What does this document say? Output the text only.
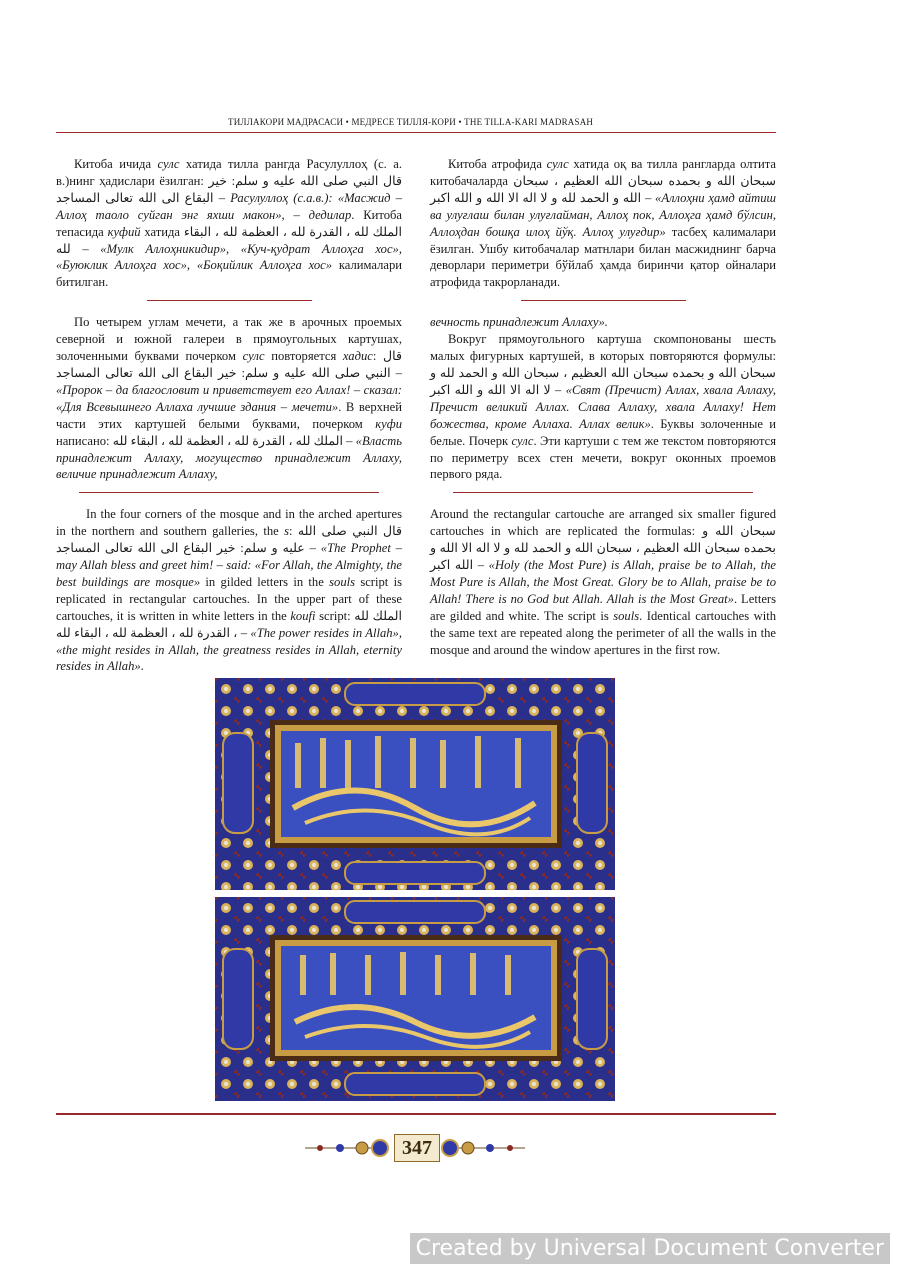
ТИЛЛАКОРИ МАДРАСАСИ • МЕДРЕСЕ ТИЛЛЯ-КОРИ • THE TILLA-KARI MADRASAH

Китоба ичида сулс хатида тилла рангда Расулуллоҳ (с. а. в.)нинг ҳадислари ёзилган: قال النبي صلى الله عليه و سلم: خير البقاع الى الله تعالى المساجد – Расулуллоҳ (с.а.в.): «Масжид – Аллоҳ таоло суйган энг яхши макон», – дедилар. Китоба тепасида куфий хатида الملك لله ، القدرة لله ، العظمة لله ، البقاء لله – «Мулк Аллоҳникидир», «Куч-қудрат Аллоҳга хос», «Буюклик Аллоҳга хос», «Боқийлик Аллоҳга хос» калималари битилган.

По четырем углам мечети, а так же в арочных проемых северной и южной галереи в прямоугольных картушах, золоченными буквами почерком сулс повторяется хадис: قال النبي صلى الله عليه و سلم: خير البقاع الى الله تعالى المساجد – «Пророк – да благословит и приветствует его Аллах! – сказал: «Для Всевышнего Аллаха лучшие здания – мечети». В верхней части этих картушей белыми буквами, почерком куфи написано: الملك لله ، القدرة لله ، العظمة لله ، البقاء لله – «Власть принадлежит Аллаху, могущество принадлежит Аллаху, величие принадлежит Аллаху,

In the four corners of the mosque and in the arched apertures in the northern and southern galleries, the s: قال النبي صلى الله عليه و سلم: خير البقاع الى الله تعالى المساجد – «The Prophet – may Allah bless and greet him! – said: «For Allah, the Almighty, the best buildings are mosque» in gilded letters in the souls script is replicated in rectangular cartouches. In the upper part of these cartouches, it is written in white letters in the koufi script: الملك لله ، القدرة لله ، العظمة لله ، البقاء لله – «The power resides in Allah», «the might resides in Allah, the greatness resides in Allah, eternity resides in Allah».

Китоба атрофида сулс хатида оқ ва тилла рангларда олтита китобачаларда سبحان الله و بحمده سبحان الله العظيم ، سبحان الله و الحمد لله و لا اله الا الله و الله اكبر – «Аллоҳни ҳамд айтиш ва улуғлаш билан улуғлайман, Аллоҳ пок, Аллоҳга ҳамд бўлсин, Аллоҳдан бошқа илоҳ йўқ. Аллоҳ улуғдир» тасбеҳ калималари ёзилган. Ушбу китобачалар матнлари билан масжиднинг барча деворлари периметри бўйлаб ҳамда биринчи қатор ойналари атрофида такрорланади.

вечность принадлежит Аллаху».

Вокруг прямоугольного картуша скомпонованы шесть малых фигурных картушей, в которых повторяются формулы: سبحان الله و بحمده سبحان الله العظيم ، سبحان الله و الحمد لله و لا اله الا الله و الله اكبر – «Свят (Пречист) Аллах, хвала Аллаху, Пречист великий Аллах. Слава Аллаху, хвала Аллаху! Нет божества, кроме Аллаха. Аллах велик». Буквы золоченные и белые. Почерк сулс. Эти картуши с тем же текстом повторяются по периметру всех стен мечети, вокруг оконных проемов первого ряда.

Around the rectangular cartouche are arranged six smaller figured cartouches in which are replicated the formulas: سبحان الله و بحمده سبحان الله العظيم ، سبحان الله و الحمد لله و لا اله الا الله و الله اكبر – «Holy (the Most Pure) is Allah, praise be to Allah, the Most Pure is Allah, the Most Great. Glory be to Allah, praise be to Allah! There is no God but Allah. Allah is the Most Great». Letters are gilded and white. The script is souls. Identical cartouches with the same text are repeated along the perimeter of all the walls in the mosque and around the window apertures in the first row.

347
Created by Universal Document Converter
